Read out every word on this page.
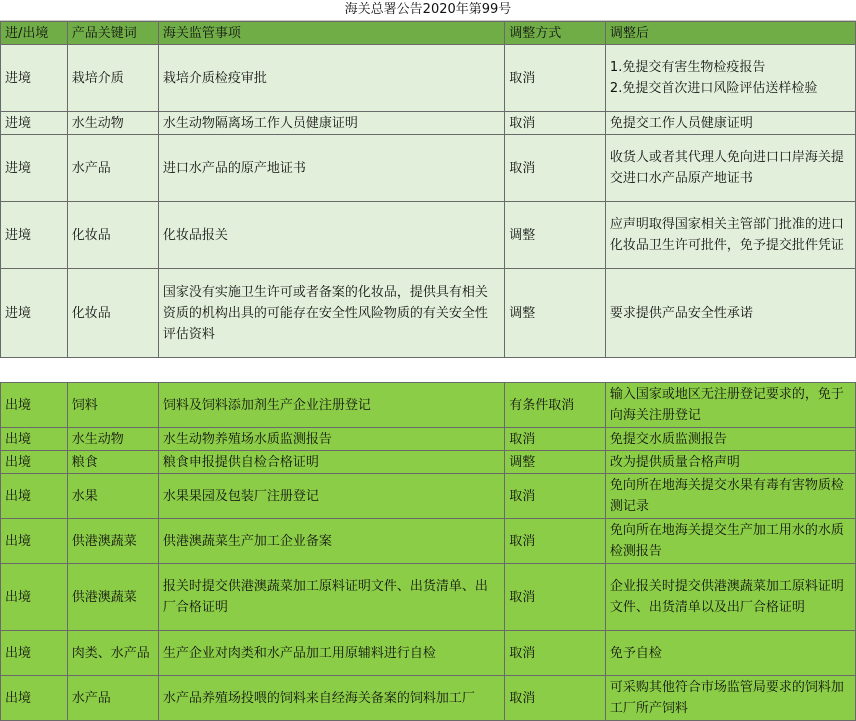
海关总署公告2020年第99号
进/出境	产品关键词	海关监管事项	调整方式	调整后
进境	栽培介质	栽培介质检疫审批	取消	1.免提交有害生物检疫报告
2.免提交首次进口风险评估送样检验
进境	水生动物	水生动物隔离场工作人员健康证明	取消	免提交工作人员健康证明
进境	水产品	进口水产品的原产地证书	取消	收货人或者其代理人免向进口口岸海关提交进口水产品原产地证书
进境	化妆品	化妆品报关	调整	应声明取得国家相关主管部门批准的进口化妆品卫生许可批件，免予提交批件凭证
进境	化妆品	国家没有实施卫生许可或者备案的化妆品，提供具有相关资质的机构出具的可能存在安全性风险物质的有关安全性评估资料	调整	要求提供产品安全性承诺

出境	饲料	饲料及饲料添加剂生产企业注册登记	有条件取消	输入国家或地区无注册登记要求的，免于向海关注册登记
出境	水生动物	水生动物养殖场水质监测报告	取消	免提交水质监测报告
出境	粮食	粮食申报提供自检合格证明	调整	改为提供质量合格声明
出境	水果	水果果园及包装厂注册登记	取消	免向所在地海关提交水果有毒有害物质检测记录
出境	供港澳蔬菜	供港澳蔬菜生产加工企业备案	取消	免向所在地海关提交生产加工用水的水质检测报告
出境	供港澳蔬菜	报关时提交供港澳蔬菜加工原料证明文件、出货清单、出厂合格证明	取消	企业报关时提交供港澳蔬菜加工原料证明文件、出货清单以及出厂合格证明
出境	肉类、水产品	生产企业对肉类和水产品加工用原辅料进行自检	取消	免予自检
出境	水产品	水产品养殖场投喂的饲料来自经海关备案的饲料加工厂	取消	可采购其他符合市场监管局要求的饲料加工厂所产饲料
